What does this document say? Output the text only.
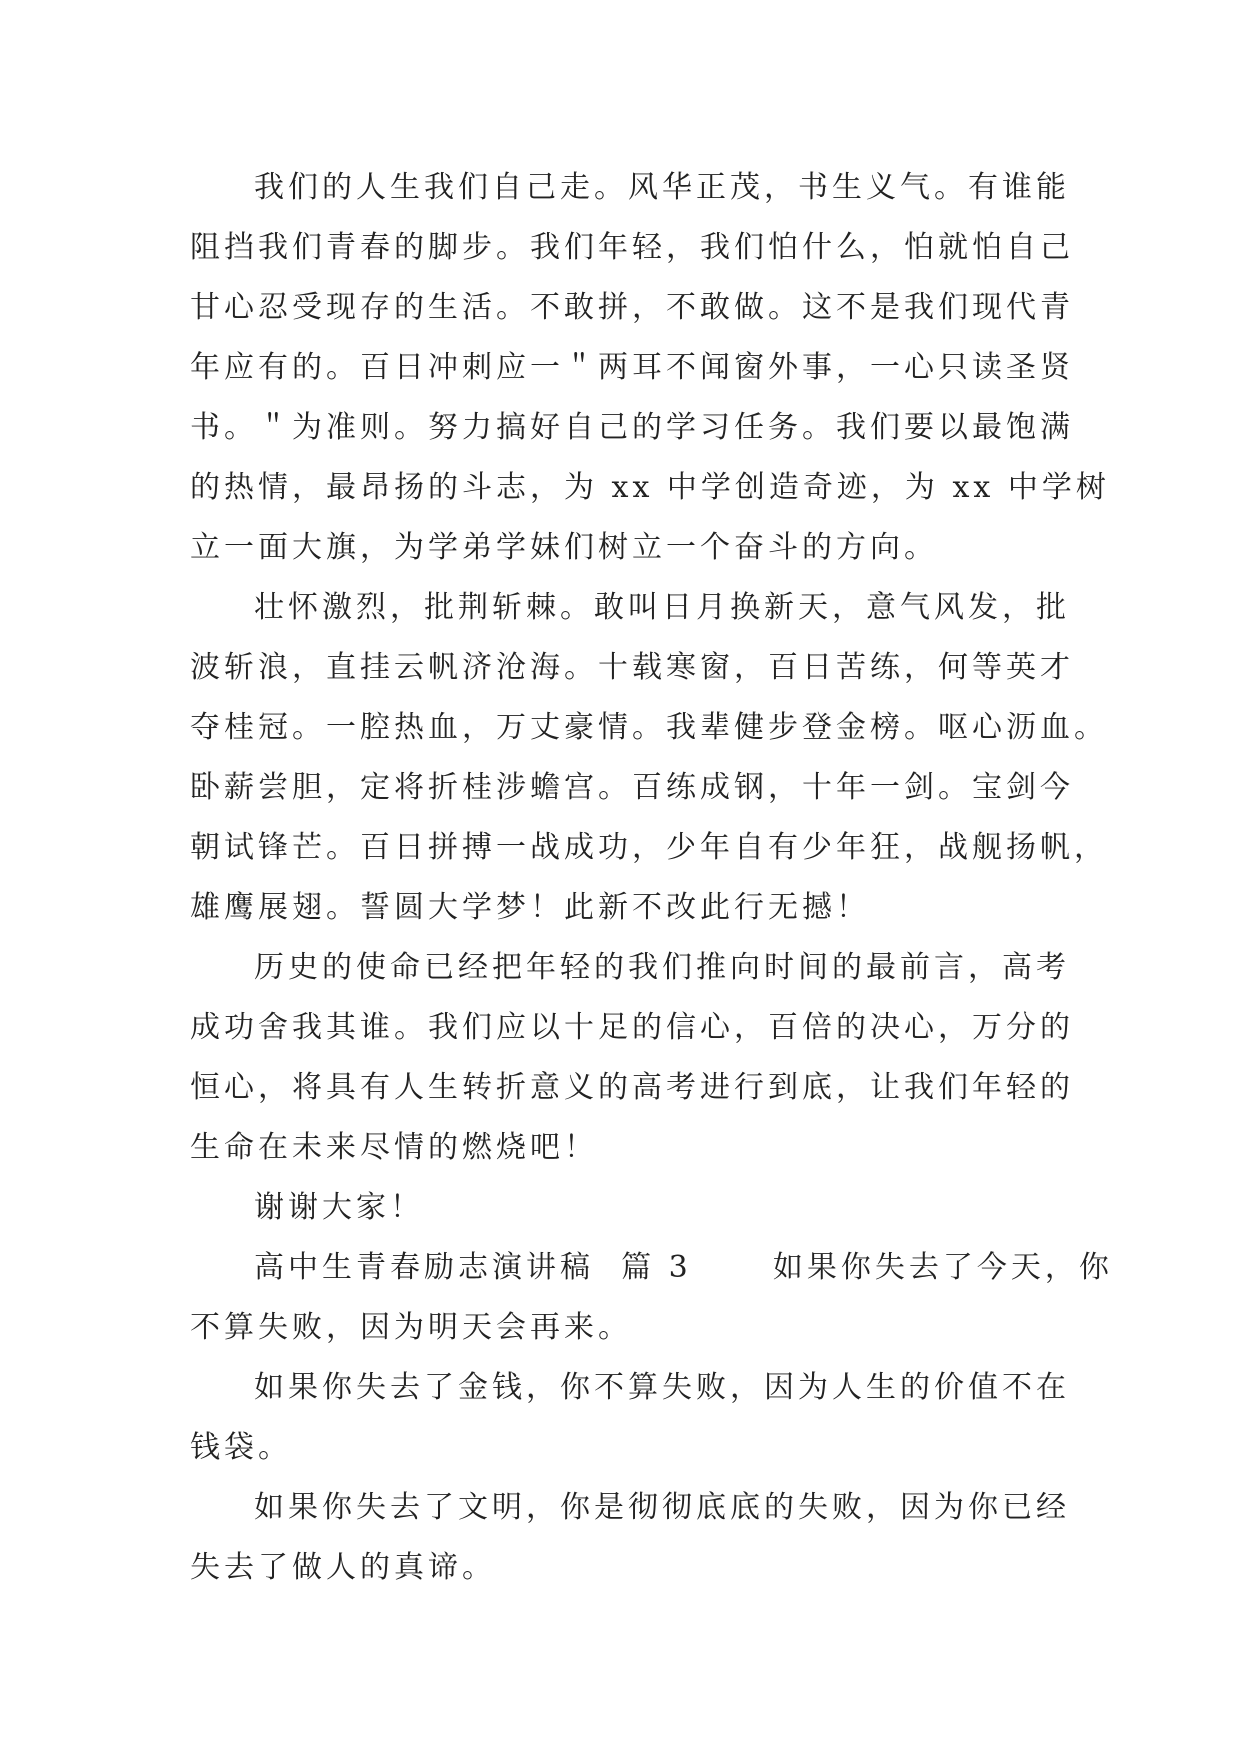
我们的人生我们自己走。风华正茂，书生义气。有谁能
阻挡我们青春的脚步。我们年轻，我们怕什么，怕就怕自己
甘心忍受现存的生活。不敢拼，不敢做。这不是我们现代青
年应有的。百日冲刺应一＂两耳不闻窗外事，一心只读圣贤
书。＂为准则。努力搞好自己的学习任务。我们要以最饱满
的热情，最昂扬的斗志，为 xx 中学创造奇迹，为 xx 中学树
立一面大旗，为学弟学妹们树立一个奋斗的方向。
壮怀激烈，批荆斩棘。敢叫日月换新天，意气风发，批
波斩浪，直挂云帆济沧海。十载寒窗，百日苦练，何等英才
夺桂冠。一腔热血，万丈豪情。我辈健步登金榜。呕心沥血。
卧薪尝胆，定将折桂涉蟾宫。百练成钢，十年一剑。宝剑今
朝试锋芒。百日拼搏一战成功，少年自有少年狂，战舰扬帆，
雄鹰展翅。誓圆大学梦！此新不改此行无撼！
历史的使命已经把年轻的我们推向时间的最前言，高考
成功舍我其谁。我们应以十足的信心，百倍的决心，万分的
恒心，将具有人生转折意义的高考进行到底，让我们年轻的
生命在未来尽情的燃烧吧！
谢谢大家！
高中生青春励志演讲稿  篇 3      如果你失去了今天，你
不算失败，因为明天会再来。
如果你失去了金钱，你不算失败，因为人生的价值不在
钱袋。
如果你失去了文明，你是彻彻底底的失败，因为你已经
失去了做人的真谛。
